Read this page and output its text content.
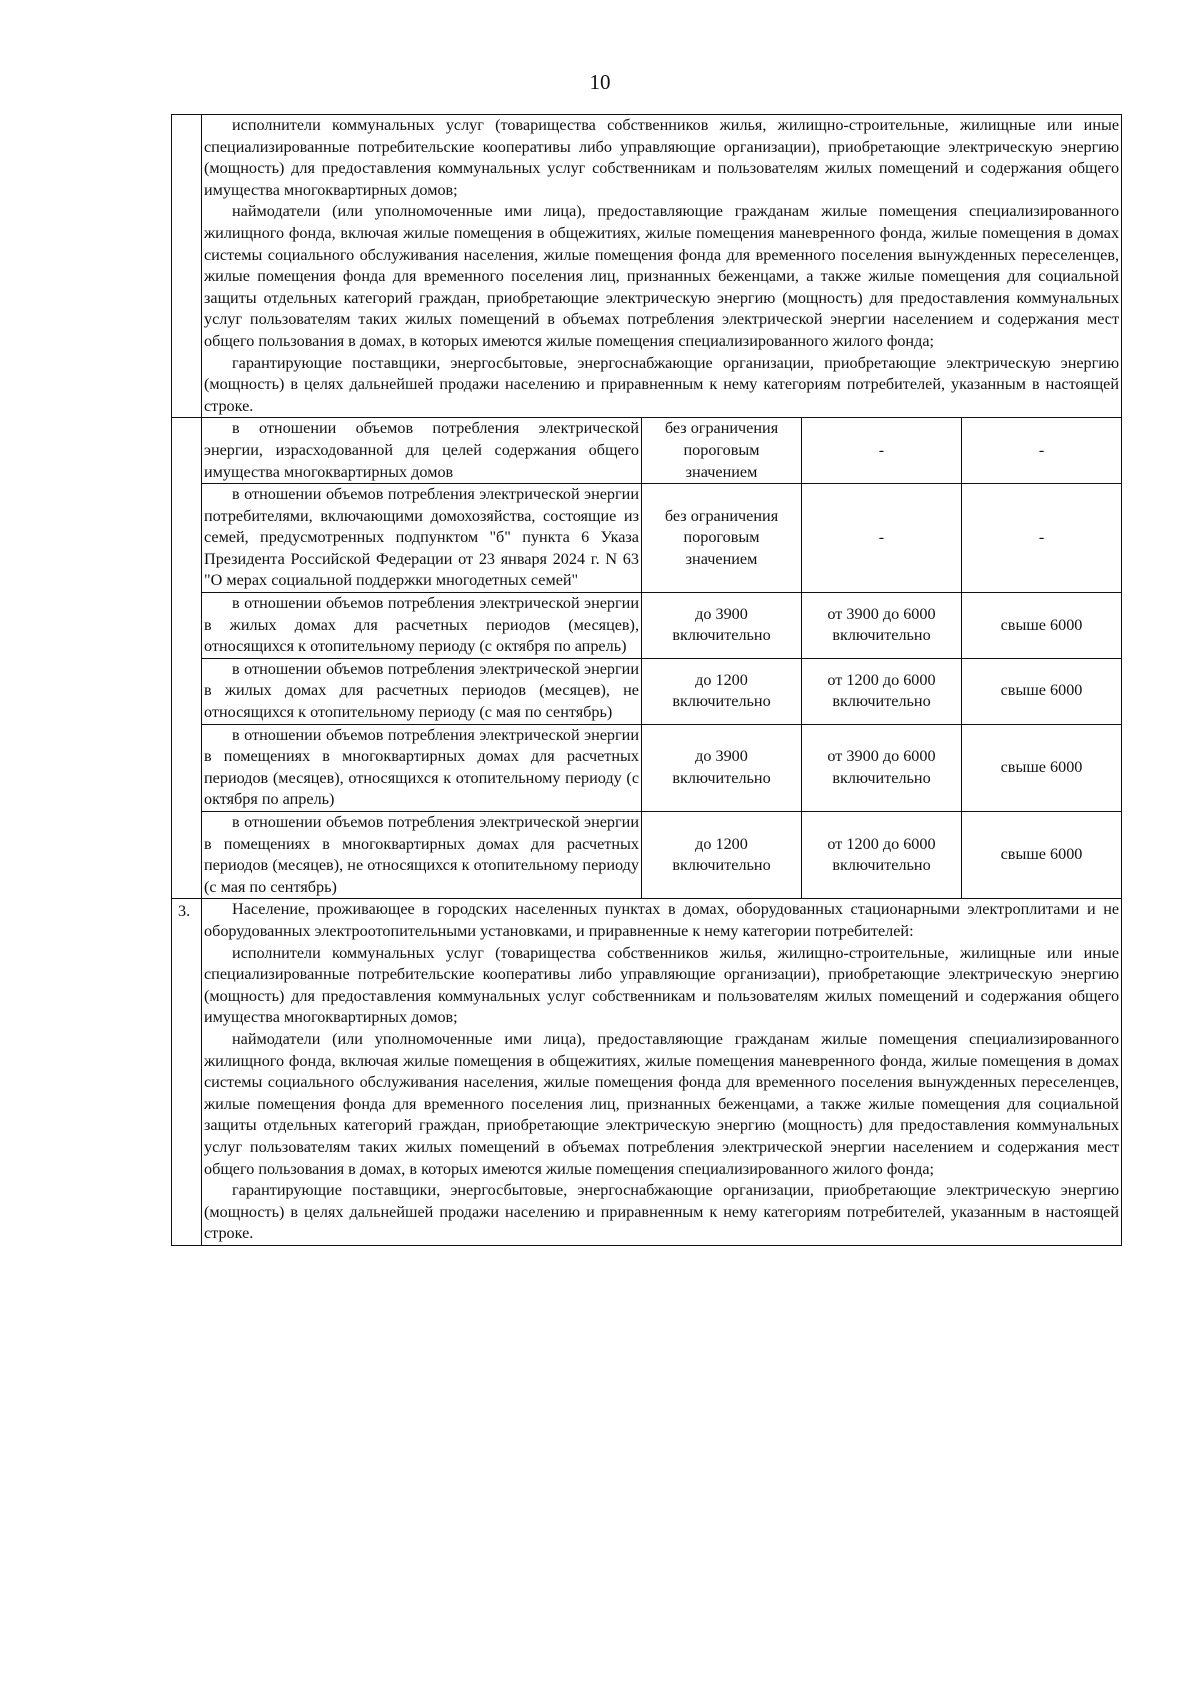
10

	исполнители коммунальных услуг (товарищества собственников жилья, жилищно-строительные, жилищные или иные специализированные потребительские кооперативы либо управляющие организации), приобретающие электрическую энергию (мощность) для предоставления коммунальных услуг собственникам и пользователям жилых помещений и содержания общего имущества многоквартирных домов;

наймодатели (или уполномоченные ими лица), предоставляющие гражданам жилые помещения специализированного жилищного фонда, включая жилые помещения в общежитиях, жилые помещения маневренного фонда, жилые помещения в домах системы социального обслуживания населения, жилые помещения фонда для временного поселения вынужденных переселенцев, жилые помещения фонда для временного поселения лиц, признанных беженцами, а также жилые помещения для социальной защиты отдельных категорий граждан, приобретающие электрическую энергию (мощность) для предоставления коммунальных услуг пользователям таких жилых помещений в объемах потребления электрической энергии населением и содержания мест общего пользования в домах, в которых имеются жилые помещения специализированного жилого фонда;

гарантирующие поставщики, энергосбытовые, энергоснабжающие организации, приобретающие электрическую энергию (мощность) в целях дальнейшей продажи населению и приравненным к нему категориям потребителей, указанным в настоящей строке.			

	в отношении объемов потребления электрической энергии, израсходованной для целей содержания общего имущества многоквартирных домов	без ограничения пороговым значением	-	-

	в отношении объемов потребления электрической энергии потребителями, включающими домохозяйства, состоящие из семей, предусмотренных подпунктом "б" пункта 6 Указа Президента Российской Федерации от 23 января 2024 г. N 63 "О мерах социальной поддержки многодетных семей"	без ограничения пороговым значением	-	-

	в отношении объемов потребления электрической энергии в жилых домах для расчетных периодов (месяцев), относящихся к отопительному периоду (с октября по апрель)	до 3900 включительно	от 3900 до 6000 включительно	свыше 6000

	в отношении объемов потребления электрической энергии в жилых домах для расчетных периодов (месяцев), не относящихся к отопительному периоду (с мая по сентябрь)	до 1200 включительно	от 1200 до 6000 включительно	свыше 6000

	в отношении объемов потребления электрической энергии в помещениях в многоквартирных домах для расчетных периодов (месяцев), относящихся к отопительному периоду (с октября по апрель)	до 3900 включительно	от 3900 до 6000 включительно	свыше 6000

	в отношении объемов потребления электрической энергии в помещениях в многоквартирных домах для расчетных периодов (месяцев), не относящихся к отопительному периоду (с мая по сентябрь)	до 1200 включительно	от 1200 до 6000 включительно	свыше 6000
3.	Население, проживающее в городских населенных пунктах в домах, оборудованных стационарными электроплитами и не оборудованных электроотопительными установками, и приравненные к нему категории потребителей:

исполнители коммунальных услуг (товарищества собственников жилья, жилищно-строительные, жилищные или иные специализированные потребительские кооперативы либо управляющие организации), приобретающие электрическую энергию (мощность) для предоставления коммунальных услуг собственникам и пользователям жилых помещений и содержания общего имущества многоквартирных домов;

наймодатели (или уполномоченные ими лица), предоставляющие гражданам жилые помещения специализированного жилищного фонда, включая жилые помещения в общежитиях, жилые помещения маневренного фонда, жилые помещения в домах системы социального обслуживания населения, жилые помещения фонда для временного поселения вынужденных переселенцев, жилые помещения фонда для временного поселения лиц, признанных беженцами, а также жилые помещения для социальной защиты отдельных категорий граждан, приобретающие электрическую энергию (мощность) для предоставления коммунальных услуг пользователям таких жилых помещений в объемах потребления электрической энергии населением и содержания мест общего пользования в домах, в которых имеются жилые помещения специализированного жилого фонда;

гарантирующие поставщики, энергосбытовые, энергоснабжающие организации, приобретающие электрическую энергию (мощность) в целях дальнейшей продажи населению и приравненным к нему категориям потребителей, указанным в настоящей строке.			
